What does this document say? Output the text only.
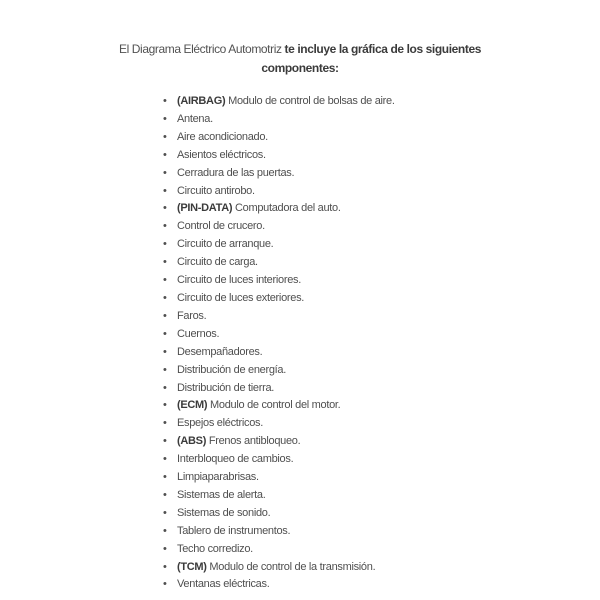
El Diagrama Eléctrico Automotriz te incluye la gráfica de los siguientes componentes:

• (AIRBAG) Modulo de control de bolsas de aire.
• Antena.
• Aire acondicionado.
• Asientos eléctricos.
• Cerradura de las puertas.
• Circuito antirobo.
• (PIN-DATA) Computadora del auto.
• Control de crucero.
• Circuito de arranque.
• Circuito de carga.
• Circuito de luces interiores.
• Circuito de luces exteriores.
• Faros.
• Cuernos.
• Desempañadores.
• Distribución de energía.
• Distribución de tierra.
• (ECM) Modulo de control del motor.
• Espejos eléctricos.
• (ABS) Frenos antibloqueo.
• Interbloqueo de cambios.
• Limpiaparabrisas.
• Sistemas de alerta.
• Sistemas de sonido.
• Tablero de instrumentos.
• Techo corredizo.
• (TCM) Modulo de control de la transmisión.
• Ventanas eléctricas.
